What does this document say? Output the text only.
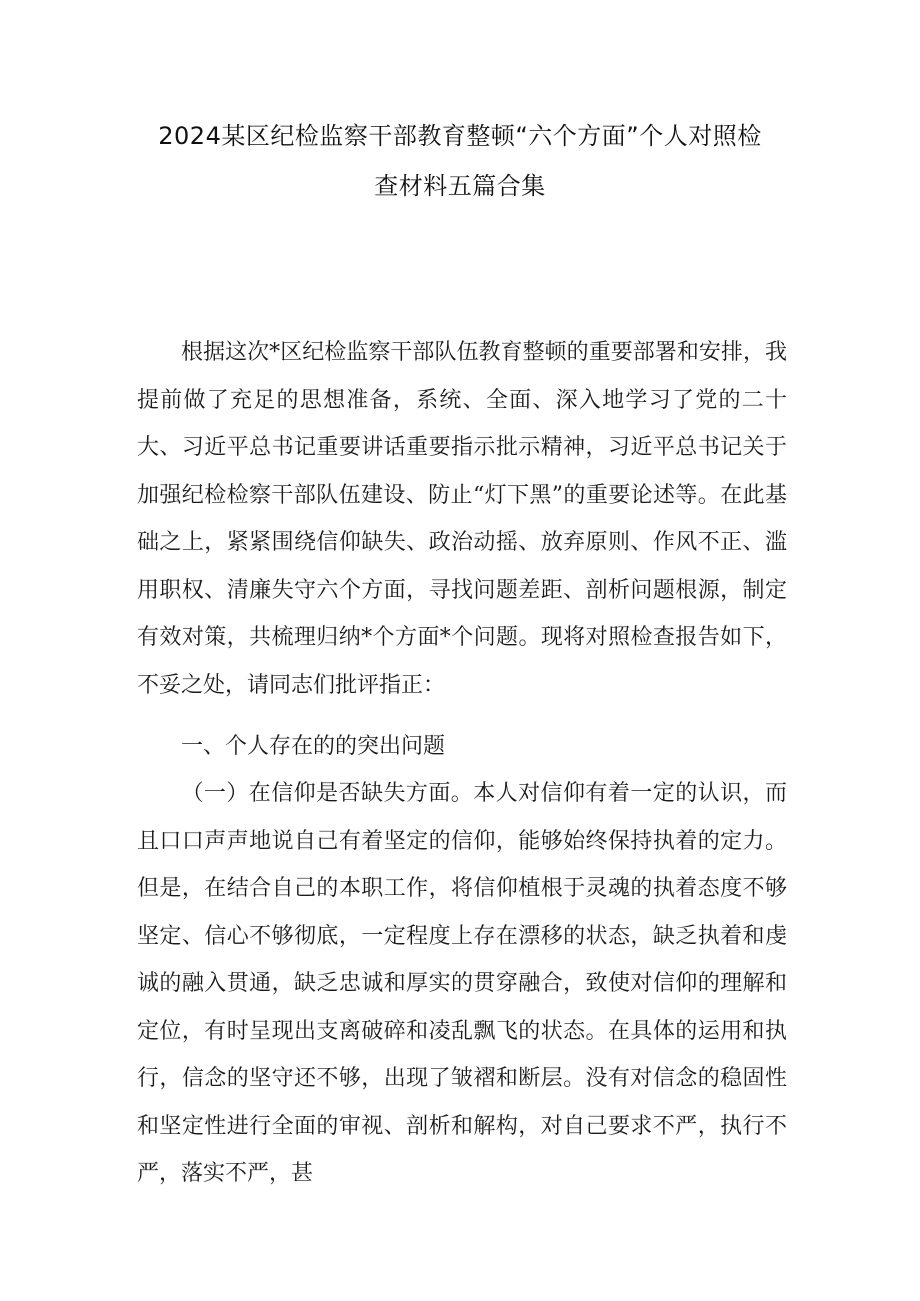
2024某区纪检监察干部教育整顿“六个方面”个人对照检
查材料五篇合集

根据这次*区纪检监察干部队伍教育整顿的重要部署和安排，我提前做了充足的思想准备，系统、全面、深入地学习了党的二十大、习近平总书记重要讲话重要指示批示精神，习近平总书记关于加强纪检检察干部队伍建设、防止“灯下黑”的重要论述等。在此基础之上，紧紧围绕信仰缺失、政治动摇、放弃原则、作风不正、滥用职权、清廉失守六个方面，寻找问题差距、剖析问题根源，制定有效对策，共梳理归纳*个方面*个问题。现将对照检查报告如下，不妥之处，请同志们批评指正：

一、个人存在的的突出问题

（一）在信仰是否缺失方面。本人对信仰有着一定的认识，而且口口声声地说自己有着坚定的信仰，能够始终保持执着的定力。但是，在结合自己的本职工作，将信仰植根于灵魂的执着态度不够坚定、信心不够彻底，一定程度上存在漂移的状态，缺乏执着和虔诚的融入贯通，缺乏忠诚和厚实的贯穿融合，致使对信仰的理解和定位，有时呈现出支离破碎和凌乱飘飞的状态。在具体的运用和执行，信念的坚守还不够，出现了皱褶和断层。没有对信念的稳固性和坚定性进行全面的审视、剖析和解构，对自己要求不严，执行不严，落实不严，甚
